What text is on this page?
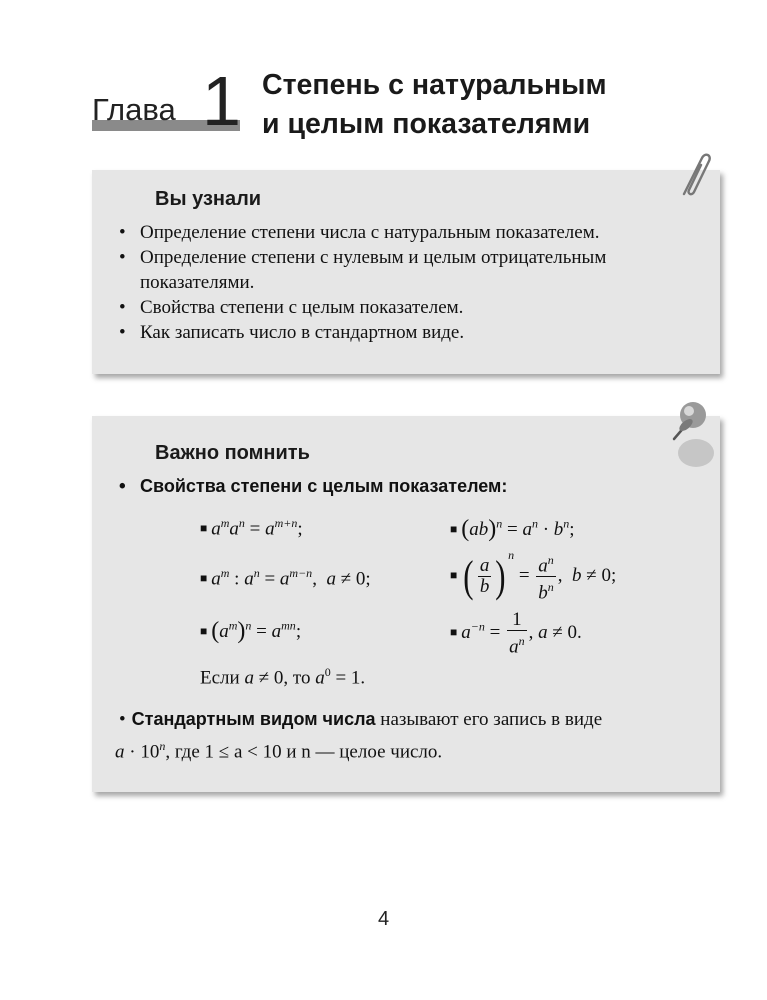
Глава 1 Степень с натуральным
и целым показателями
Вы узнали
• Определение степени числа с натуральным показателем.
• Определение степени с нулевым и целым отрицательным показателями.
• Свойства степени с целым показателем.
• Как записать число в стандартном виде.
Важно помнить
• Свойства степени с целым показателем:
■ $a^ma^n = a^{m+n}$;
■ $a^m$ : $a^n = a^{m-n}$,  a ≠ 0;
■ $(a^m)^n = a^{mn}$;
■ $(ab)^n = a^n \cdot b^n$;
■ ( $\frac{a}{b}$ ) $^n = \frac{a^n}{b^n}$ ,  b ≠ 0;
■ $a^{-n} = \frac{1}{a^n}$ , a ≠ 0.
Если a ≠ 0, то $a^0 = 1$.
• Стандартным видом числа называют его запись в виде
$a \cdot 10^n$, где 1 ≤ a < 10 и n — целое число.
4
